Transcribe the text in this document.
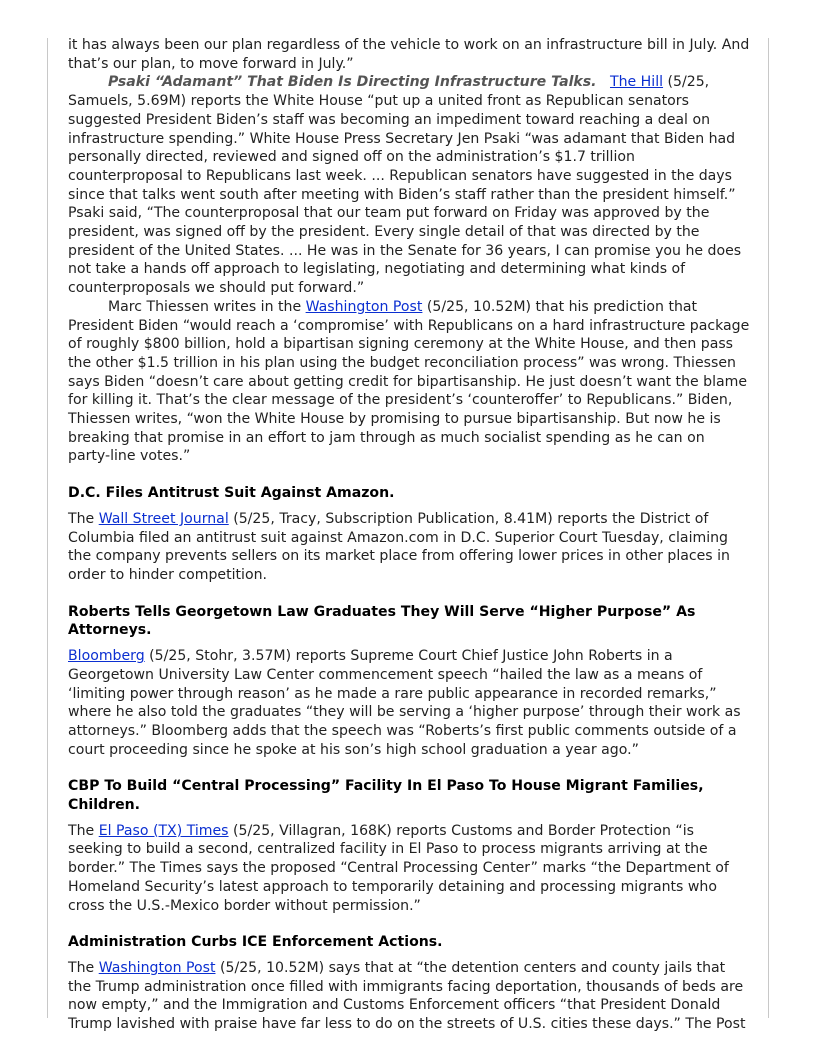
it has always been our plan regardless of the vehicle to work on an infrastructure bill in July. And that’s our plan, to move forward in July.”

Psaki “Adamant” That Biden Is Directing Infrastructure Talks. The Hill (5/25, Samuels, 5.69M) reports the White House “put up a united front as Republican senators suggested President Biden’s staff was becoming an impediment toward reaching a deal on infrastructure spending.” White House Press Secretary Jen Psaki “was adamant that Biden had personally directed, reviewed and signed off on the administration’s $1.7 trillion counterproposal to Republicans last week. ... Republican senators have suggested in the days since that talks went south after meeting with Biden’s staff rather than the president himself.” Psaki said, “The counterproposal that our team put forward on Friday was approved by the president, was signed off by the president. Every single detail of that was directed by the president of the United States. ... He was in the Senate for 36 years, I can promise you he does not take a hands off approach to legislating, negotiating and determining what kinds of counterproposals we should put forward.”

Marc Thiessen writes in the Washington Post (5/25, 10.52M) that his prediction that President Biden “would reach a ‘compromise’ with Republicans on a hard infrastructure package of roughly $800 billion, hold a bipartisan signing ceremony at the White House, and then pass the other $1.5 trillion in his plan using the budget reconciliation process” was wrong. Thiessen says Biden “doesn’t care about getting credit for bipartisanship. He just doesn’t want the blame for killing it. That’s the clear message of the president’s ‘counteroffer’ to Republicans.” Biden, Thiessen writes, “won the White House by promising to pursue bipartisanship. But now he is breaking that promise in an effort to jam through as much socialist spending as he can on party-line votes.”

D.C. Files Antitrust Suit Against Amazon.

The Wall Street Journal (5/25, Tracy, Subscription Publication, 8.41M) reports the District of Columbia filed an antitrust suit against Amazon.com in D.C. Superior Court Tuesday, claiming the company prevents sellers on its market place from offering lower prices in other places in order to hinder competition.

Roberts Tells Georgetown Law Graduates They Will Serve “Higher Purpose” As Attorneys.

Bloomberg (5/25, Stohr, 3.57M) reports Supreme Court Chief Justice John Roberts in a Georgetown University Law Center commencement speech “hailed the law as a means of ‘limiting power through reason’ as he made a rare public appearance in recorded remarks,” where he also told the graduates “they will be serving a ‘higher purpose’ through their work as attorneys.” Bloomberg adds that the speech was “Roberts’s first public comments outside of a court proceeding since he spoke at his son’s high school graduation a year ago.”

CBP To Build “Central Processing” Facility In El Paso To House Migrant Families, Children.

The El Paso (TX) Times (5/25, Villagran, 168K) reports Customs and Border Protection “is seeking to build a second, centralized facility in El Paso to process migrants arriving at the border.” The Times says the proposed “Central Processing Center” marks “the Department of Homeland Security’s latest approach to temporarily detaining and processing migrants who cross the U.S.-Mexico border without permission.”

Administration Curbs ICE Enforcement Actions.

The Washington Post (5/25, 10.52M) says that at “the detention centers and county jails that the Trump administration once filled with immigrants facing deportation, thousands of beds are now empty,” and the Immigration and Customs Enforcement officers “that President Donald Trump lavished with praise have far less to do on the streets of U.S. cities these days.” The Post
